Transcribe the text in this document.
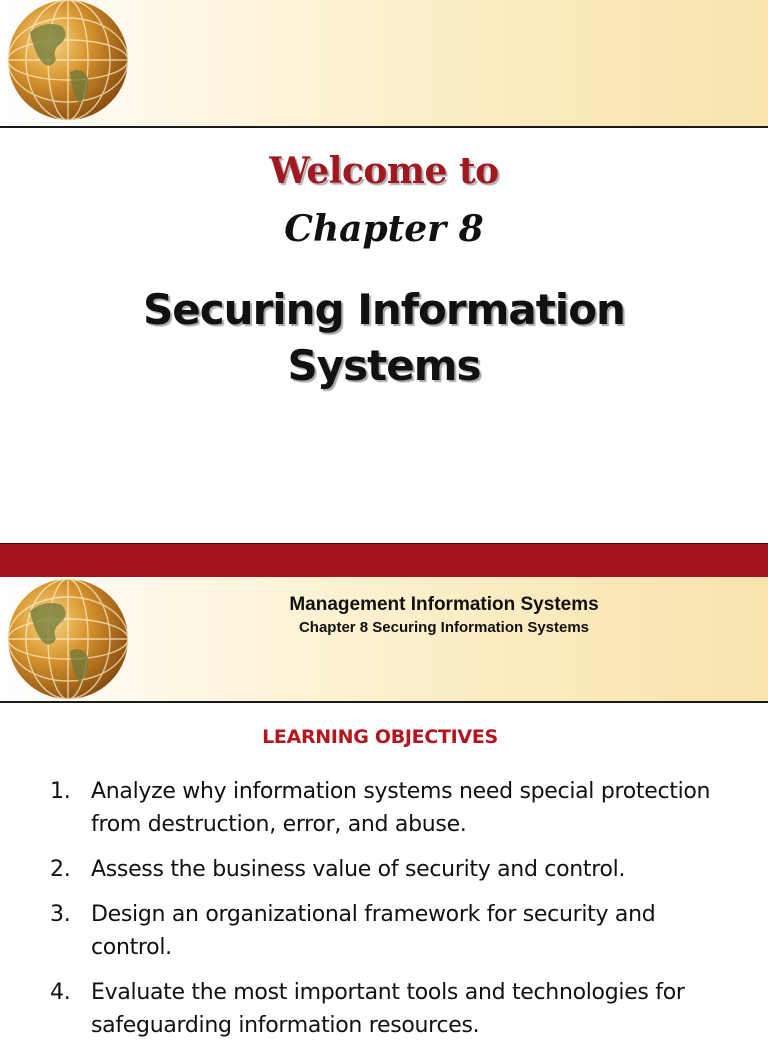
Welcome to
Chapter 8
Securing Information
Systems
Management Information Systems
Chapter 8 Securing Information Systems
LEARNING OBJECTIVES
1. Analyze why information systems need special protection from destruction, error, and abuse.
2. Assess the business value of security and control.
3. Design an organizational framework for security and control.
4. Evaluate the most important tools and technologies for safeguarding information resources.
